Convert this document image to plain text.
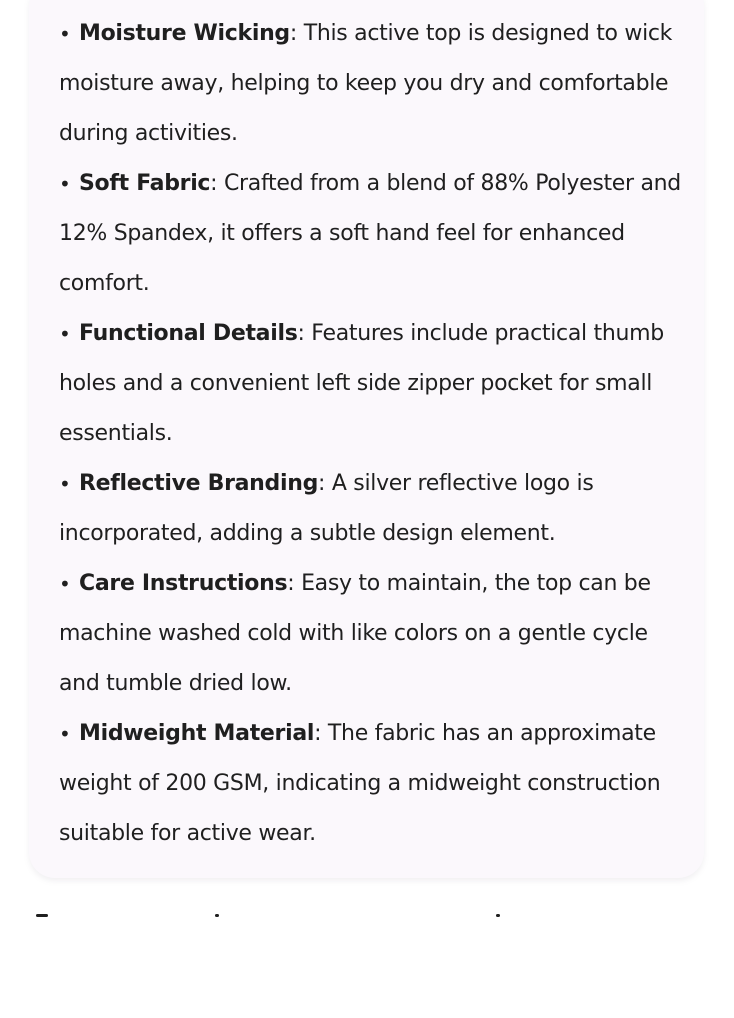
• Moisture Wicking: This active top is designed to wick moisture away, helping to keep you dry and comfortable during activities.
• Soft Fabric: Crafted from a blend of 88% Polyester and 12% Spandex, it offers a soft hand feel for enhanced comfort.
• Functional Details: Features include practical thumb holes and a convenient left side zipper pocket for small essentials.
• Reflective Branding: A silver reflective logo is incorporated, adding a subtle design element.
• Care Instructions: Easy to maintain, the top can be machine washed cold with like colors on a gentle cycle and tumble dried low.
• Midweight Material: The fabric has an approximate weight of 200 GSM, indicating a midweight construction suitable for active wear.
